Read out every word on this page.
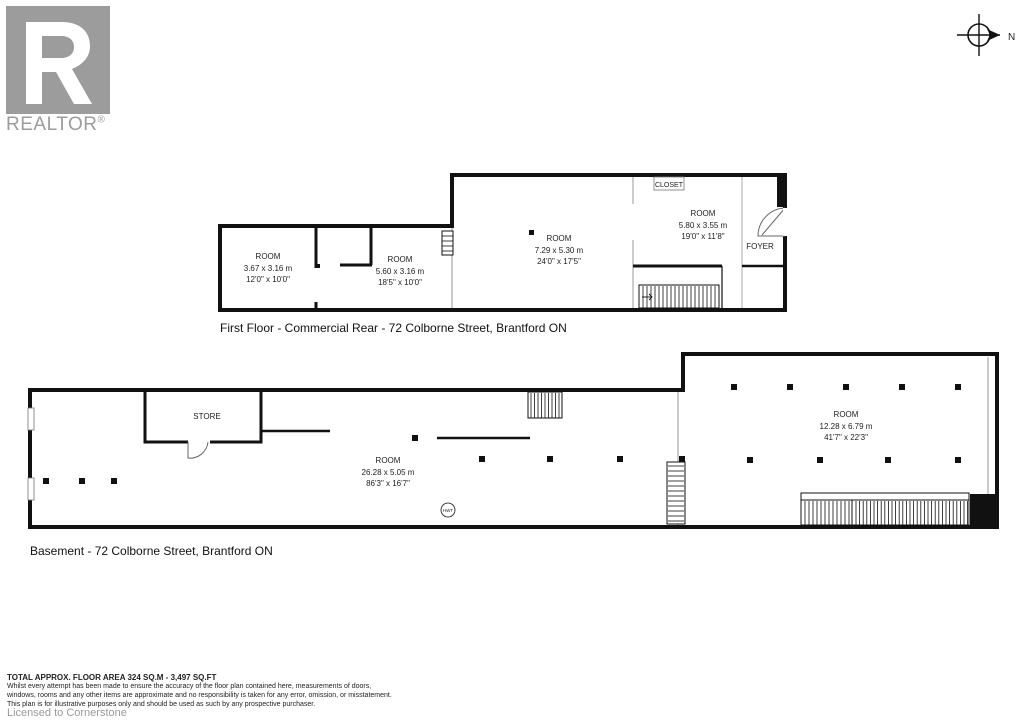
REALTOR®
N
ROOM
3.67 x 3.16 m
12'0" x 10'0"
ROOM
5.60 x 3.16 m
18'5" x 10'0"
ROOM
7.29 x 5.30 m
24'0" x 17'5"
ROOM
5.80 x 3.55 m
19'0" x 11'8"
CLOSET
FOYER
HWT
STORE
ROOM
26.28 x 5.05 m
86'3" x 16'7"
ROOM
12.28 x 6.79 m
41'7" x 22'3"
First Floor - Commercial Rear - 72 Colborne Street, Brantford ON
Basement - 72 Colborne Street, Brantford ON
TOTAL APPROX. FLOOR AREA 324 SQ.M - 3,497 SQ.FT
Whilst every attempt has been made to ensure the accuracy of the floor plan contained here, measurements of doors,
windows, rooms and any other items are approximate and no responsibility is taken for any error, omission, or misstatement.
This plan is for illustrative purposes only and should be used as such by any prospective purchaser.
Licensed to Cornerstone
